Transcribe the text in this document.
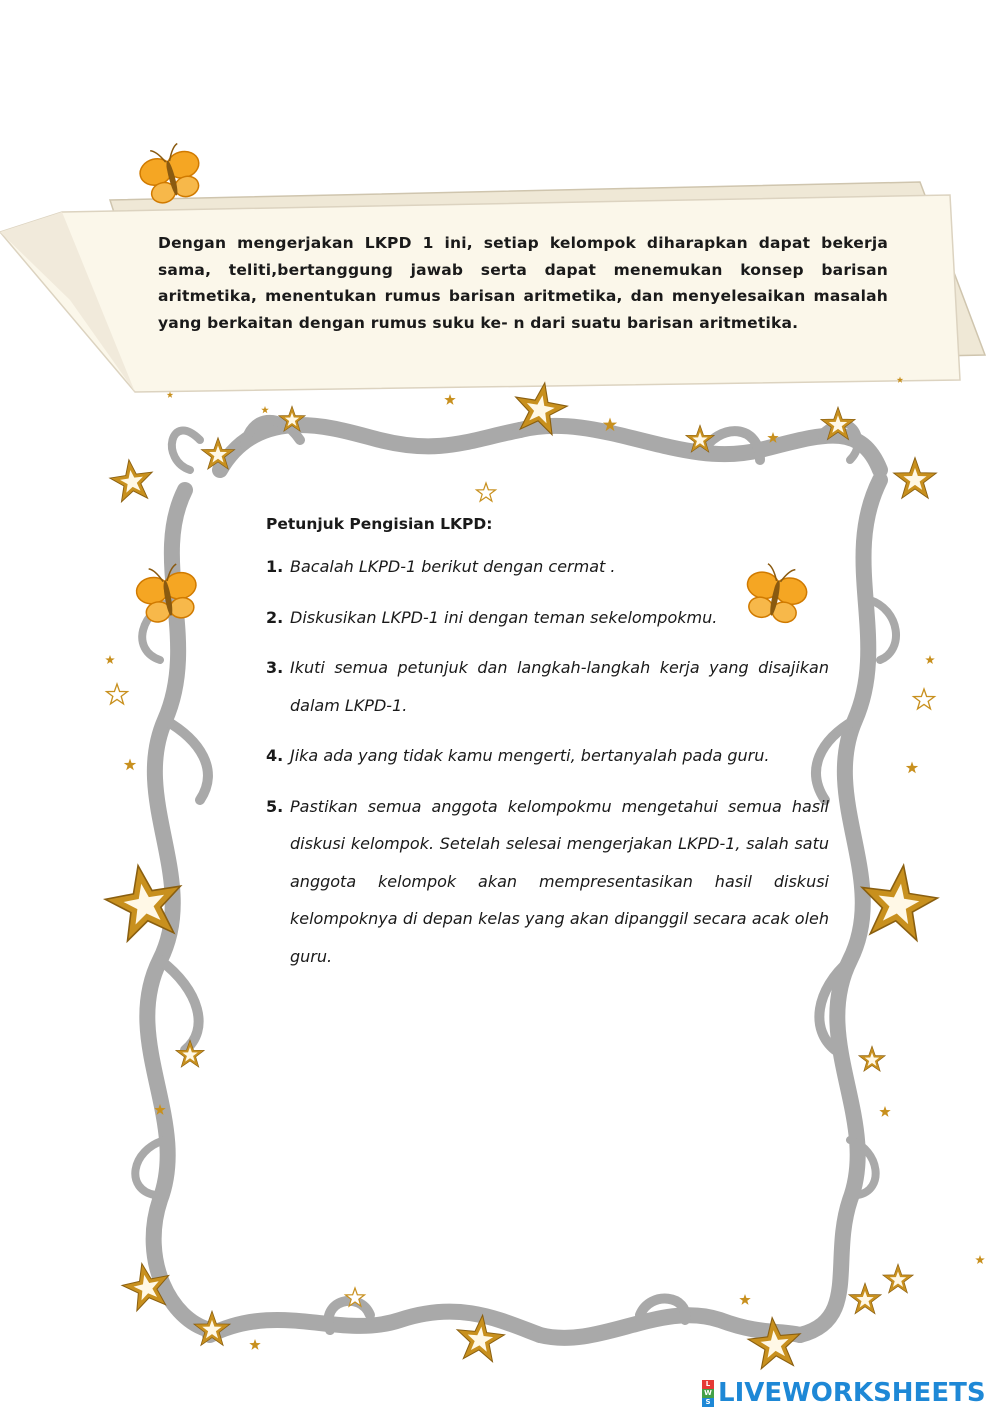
Dengan mengerjakan LKPD 1 ini, setiap kelompok diharapkan dapat bekerja sama, teliti,bertanggung jawab serta dapat menemukan konsep barisan aritmetika, menentukan rumus barisan aritmetika, dan menyelesaikan masalah yang berkaitan dengan rumus suku ke- n dari suatu barisan aritmetika.
Petunjuk Pengisian LKPD:
1. Bacalah LKPD-1 berikut dengan cermat .
2. Diskusikan LKPD-1 ini dengan teman sekelompokmu.
3. Ikuti semua petunjuk dan langkah-langkah kerja yang disajikan dalam LKPD-1.
4. Jika ada yang tidak kamu mengerti, bertanyalah pada guru.
5. Pastikan semua anggota kelompokmu mengetahui semua hasil diskusi kelompok. Setelah selesai mengerjakan LKPD-1, salah satu anggota kelompok akan mempresentasikan hasil diskusi kelompoknya di depan kelas yang akan dipanggil secara acak oleh guru.
L
W
S LIVEWORKSHEETS
